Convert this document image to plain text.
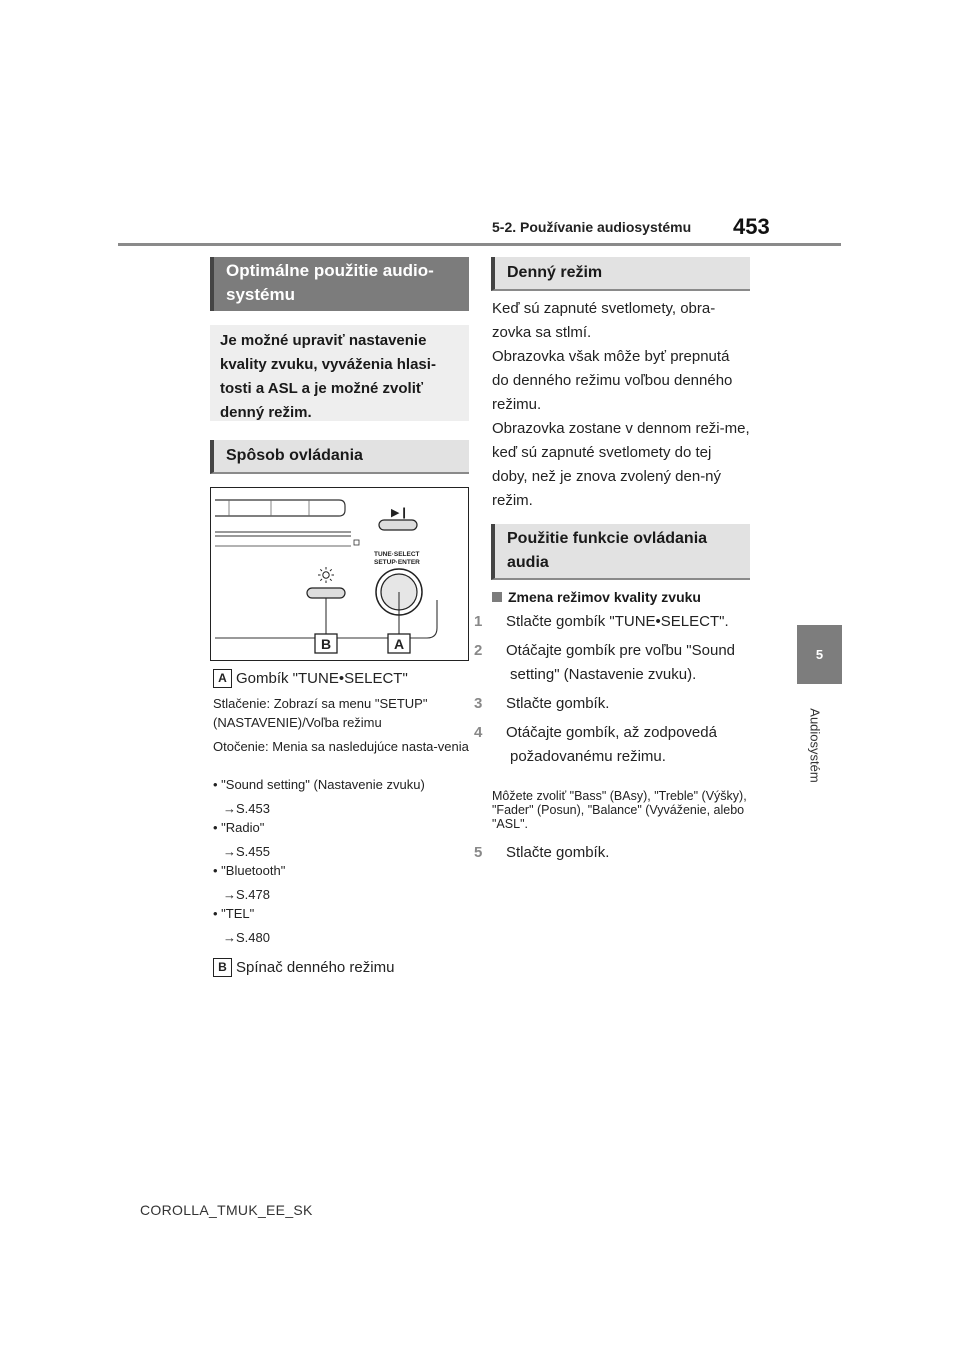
5-2. Používanie audiosystému 453
5
Audiosystém
Optimálne použitie audio-systému
Je možné upraviť nastavenie kvality zvuku, vyváženia hlasi-tosti a ASL a je možné zvoliť denný režim.
Spôsob ovládania
▶❙
TUNE·SELECT
SETUP·ENTER
B	A
A Gombík "TUNE•SELECT"
Stlačenie: Zobrazí sa menu "SETUP" (NASTAVENIE)/Voľba režimu
Otočenie: Menia sa nasledujúce nasta-venia
• "Sound setting" (Nastavenie zvuku)
→S.453
• "Radio"
→S.455
• "Bluetooth"
→S.478
• "TEL"
→S.480
B Spínač denného režimu
Denný režim
Keď sú zapnuté svetlomety, obra-zovka sa stlmí.
Obrazovka však môže byť prepnutá do denného režimu voľbou denného režimu.
Obrazovka zostane v dennom reži-me, keď sú zapnuté svetlomety do tej doby, než je znova zvolený den-ný režim.
Použitie funkcie ovládania audia
Zmena režimov kvality zvuku
1 Stlačte gombík "TUNE•SELECT".
2 Otáčajte gombík pre voľbu "Sound setting" (Nastavenie zvuku).
3 Stlačte gombík.
4 Otáčajte gombík, až zodpovedá požadovanému režimu.
Môžete zvoliť "Bass" (BAsy), "Treble" (Výšky), "Fader" (Posun), "Balance" (Vyváženie, alebo "ASL".
5 Stlačte gombík.
COROLLA_TMUK_EE_SK
